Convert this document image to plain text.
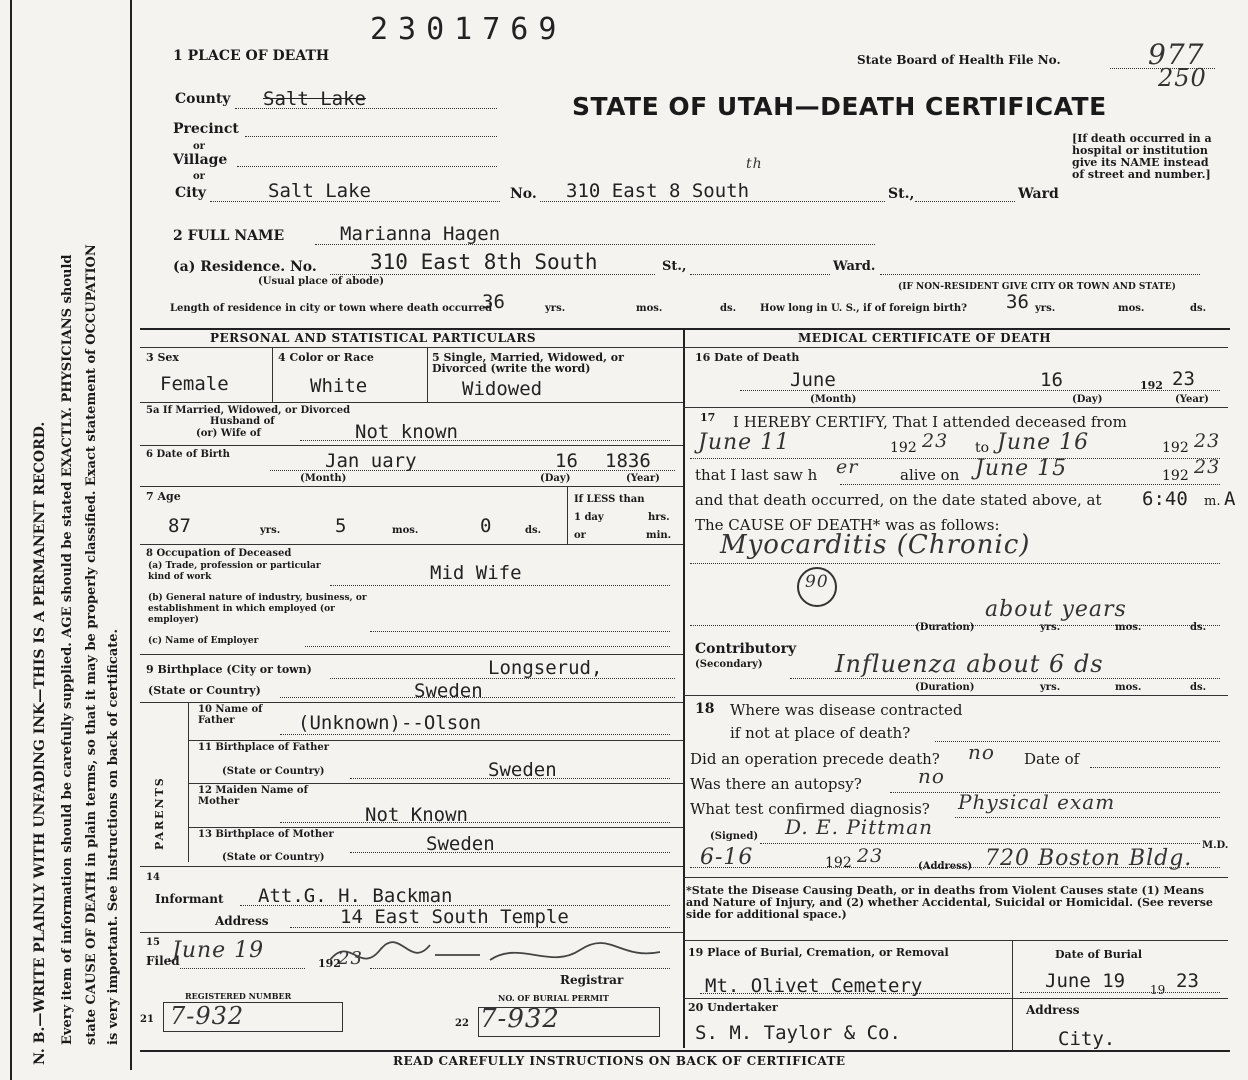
N. B.—WRITE PLAINLY WITH UNFADING INK—THIS IS A PERMANENT RECORD. Every item of information should be carefully supplied. AGE should be stated EXACTLY. PHYSICIANS should state CAUSE OF DEATH in plain terms, so that it may be properly classified. Exact statement of OCCUPATION is very important. See instructions on back of certificate.
2301769
1 PLACE OF DEATH	State Board of Health File No.	977
250
STATE OF UTAH—DEATH CERTIFICATE
[If death occurred in a hospital or institution give its NAME instead of street and number.]
County Salt Lake
Precinct
or
Village
or
City	Salt Lake	No. 310 East 8 South
th
St.,	Ward
2 FULL NAME	Marianna Hagen
(a) Residence. No.	310 East 8th South	St.,	Ward.
(Usual place of abode)	(IF NON-RESIDENT GIVE CITY OR TOWN AND STATE)
Length of residence in city or town where death occurred
36	yrs.	mos.	ds. How long in U. S., if of foreign birth? 36 yrs.	mos.	ds.
PERSONAL AND STATISTICAL PARTICULARS
3 Sex
Female
4 Color or Race
White
5 Single, Married, Widowed, or Divorced (write the word)
Widowed
5a If Married, Widowed, or Divorced
Husband of
(or) Wife of	Not known
6 Date of Birth	Jan uary	16 1836
(Month)	(Day)	(Year)
7 Age
87	yrs.	5	mos.	0	ds.
If LESS than
1 day	hrs.
or	min.
8 Occupation of Deceased
(a) Trade, profession or particular kind of work	Mid Wife
(b) General nature of industry, business, or establishment in which employed (or employer)
(c) Name of Employer
9 Birthplace (City or town)	Longserud,
(State or Country)	Sweden
PARENTS
10 Name of Father	(Unknown)--Olson
11 Birthplace of Father
(State or Country)	Sweden
12 Maiden Name of Mother
Not Known
13 Birthplace of Mother
(State or Country)
Sweden
14
Informant Att.G. H. Backman
Address	14 East South Temple
15
Filed
June 19
192
23
Registrar
REGISTERED NUMBER
21 7-932
NO. OF BURIAL PERMIT
22 7-932
MEDICAL CERTIFICATE OF DEATH
16 Date of Death
June	16	192 23
(Month)	(Day)	(Year)
17 I HEREBY CERTIFY, That I attended deceased from
June 11	192 23 to June 16	192 23
that I last saw h er	alive on June 15	192 23
and that death occurred, on the date stated above, at 6:40 m. A
The CAUSE OF DEATH* was as follows:
Myocarditis (Chronic)
90
about years
(Duration)	yrs.	mos.	ds.
Contributory
(Secondary)	Influenza about 6 ds
(Duration)	yrs.	mos.	ds.
18 Where was disease contracted
if not at place of death?
Did an operation precede death? no Date of
Was there an autopsy?	no
What test confirmed diagnosis? Physical exam
(Signed) D. E. Pittman
M.D.
6-16	192 23	(Address) 720 Boston Bldg.
*State the Disease Causing Death, or in deaths from Violent Causes state (1) Means and Nature of Injury, and (2) whether Accidental, Suicidal or Homicidal. (See reverse side for additional space.)
19 Place of Burial, Cremation, or Removal
Mt. Olivet Cemetery
Date of Burial
June 19 19 23
20 Undertaker
S. M. Taylor & Co.
Address
City.
READ CAREFULLY INSTRUCTIONS ON BACK OF CERTIFICATE
